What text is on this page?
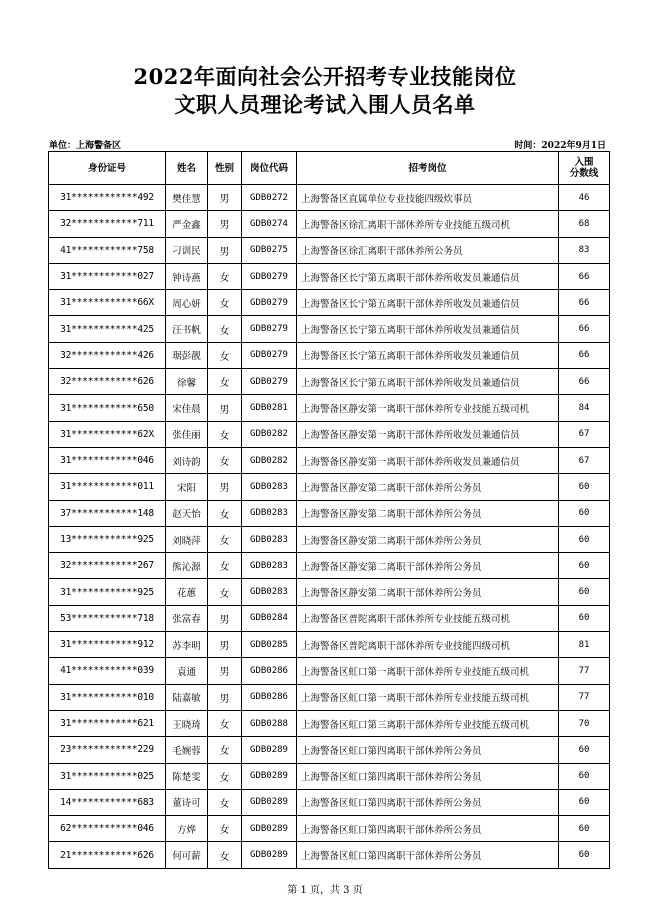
2022年面向社会公开招考专业技能岗位
文职人员理论考试入围人员名单
单位：上海警备区	时间：2022年9月1日
身份证号	姓名	性别	岗位代码	招考岗位	入围
分数线

31************492	樊佳慧	男	GDB0272	上海警备区直属单位专业技能四级炊事员	46
32************711	严金鑫	男	GDB0274	上海警备区徐汇离职干部休养所专业技能五级司机	68
41************758	刁训民	男	GDB0275	上海警备区徐汇离职干部休养所公务员	83
31************027	钟诗燕	女	GDB0279	上海警备区长宁第五离职干部休养所收发员兼通信员	66
31************66X	周心妍	女	GDB0279	上海警备区长宁第五离职干部休养所收发员兼通信员	66
31************425	汪书帆	女	GDB0279	上海警备区长宁第五离职干部休养所收发员兼通信员	66
32************426	琚彭靓	女	GDB0279	上海警备区长宁第五离职干部休养所收发员兼通信员	66
32************626	徐馨	女	GDB0279	上海警备区长宁第五离职干部休养所收发员兼通信员	66
31************650	宋佳晨	男	GDB0281	上海警备区静安第一离职干部休养所专业技能五级司机	84
31************62X	张佳丽	女	GDB0282	上海警备区静安第一离职干部休养所收发员兼通信员	67
31************046	刘诗韵	女	GDB0282	上海警备区静安第一离职干部休养所收发员兼通信员	67
31************011	宋阳	男	GDB0283	上海警备区静安第二离职干部休养所公务员	60
37************148	赵天怡	女	GDB0283	上海警备区静安第二离职干部休养所公务员	60
13************925	刘晓萍	女	GDB0283	上海警备区静安第二离职干部休养所公务员	60
32************267	熊沁源	女	GDB0283	上海警备区静安第二离职干部休养所公务员	60
31************925	花蕙	女	GDB0283	上海警备区静安第二离职干部休养所公务员	60
53************718	张富春	男	GDB0284	上海警备区普陀离职干部休养所专业技能五级司机	60
31************912	苏李明	男	GDB0285	上海警备区普陀离职干部休养所专业技能四级司机	81
41************039	袁通	男	GDB0286	上海警备区虹口第一离职干部休养所专业技能五级司机	77
31************010	陆嘉敏	男	GDB0286	上海警备区虹口第一离职干部休养所专业技能五级司机	77
31************621	王晓琦	女	GDB0288	上海警备区虹口第三离职干部休养所专业技能五级司机	70
23************229	毛婉蓉	女	GDB0289	上海警备区虹口第四离职干部休养所公务员	60
31************025	陈楚雯	女	GDB0289	上海警备区虹口第四离职干部休养所公务员	60
14************683	董诗可	女	GDB0289	上海警备区虹口第四离职干部休养所公务员	60
62************046	方烨	女	GDB0289	上海警备区虹口第四离职干部休养所公务员	60
21************626	何可薪	女	GDB0289	上海警备区虹口第四离职干部休养所公务员	60
第 1 页，共 3 页
